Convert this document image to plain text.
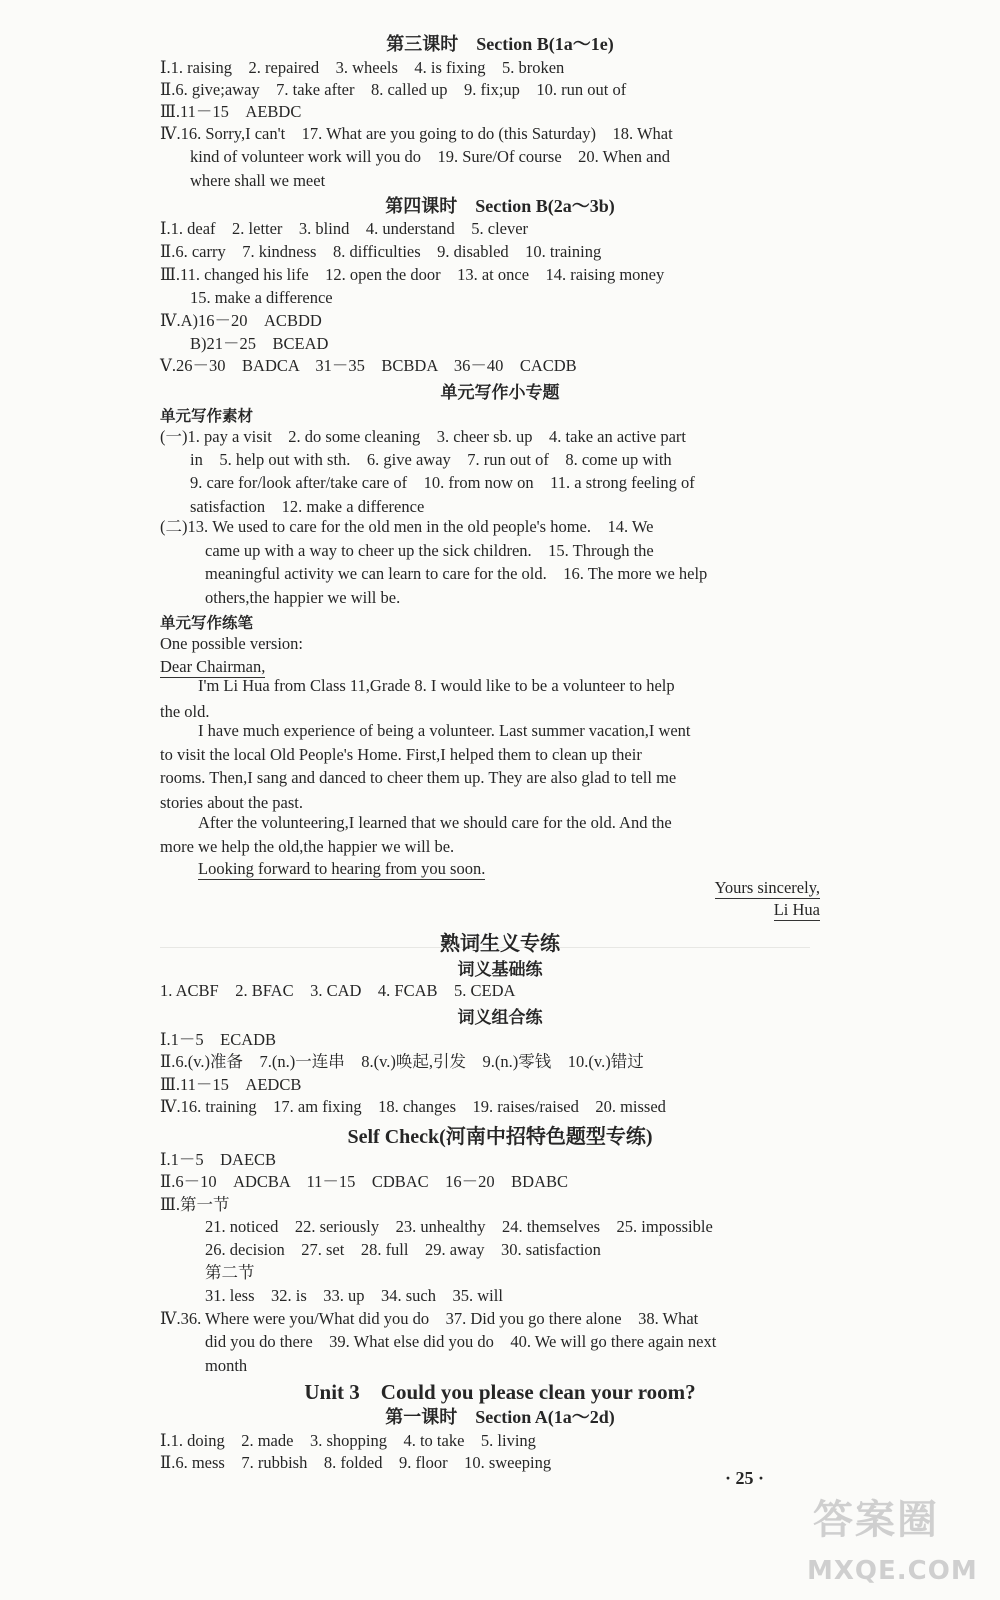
第三课时　Section B(1a～1e)
Ⅰ.1. raising　2. repaired　3. wheels　4. is fixing　5. broken
Ⅱ.6. give;away　7. take after　8. called up　9. fix;up　10. run out of
Ⅲ.11－15　AEBDC
Ⅳ.16. Sorry,I can't　17. What are you going to do (this Saturday)　18. What
kind of volunteer work will you do　19. Sure/Of course　20. When and
where shall we meet
第四课时　Section B(2a～3b)
Ⅰ.1. deaf　2. letter　3. blind　4. understand　5. clever
Ⅱ.6. carry　7. kindness　8. difficulties　9. disabled　10. training
Ⅲ.11. changed his life　12. open the door　13. at once　14. raising money
15. make a difference
Ⅳ.A)16－20　ACBDD
B)21－25　BCEAD
Ⅴ.26－30　BADCA　31－35　BCBDA　36－40　CACDB
单元写作小专题
单元写作素材
(一)1. pay a visit　2. do some cleaning　3. cheer sb. up　4. take an active part
in　5. help out with sth.　6. give away　7. run out of　8. come up with
9. care for/look after/take care of　10. from now on　11. a strong feeling of
satisfaction　12. make a difference
(二)13. We used to care for the old men in the old people's home.　14. We
came up with a way to cheer up the sick children.　15. Through the
meaningful activity we can learn to care for the old.　16. The more we help
others,the happier we will be.
单元写作练笔
One possible version:
Dear Chairman,
I'm Li Hua from Class 11,Grade 8. I would like to be a volunteer to help
the old.
I have much experience of being a volunteer. Last summer vacation,I went
to visit the local Old People's Home. First,I helped them to clean up their
rooms. Then,I sang and danced to cheer them up. They are also glad to tell me
stories about the past.
After the volunteering,I learned that we should care for the old. And the
more we help the old,the happier we will be.
Looking forward to hearing from you soon.
Yours sincerely,
Li Hua
熟词生义专练
词义基础练
1. ACBF　2. BFAC　3. CAD　4. FCAB　5. CEDA
词义组合练
Ⅰ.1－5　ECADB
Ⅱ.6.(v.)准备　7.(n.)一连串　8.(v.)唤起,引发　9.(n.)零钱　10.(v.)错过
Ⅲ.11－15　AEDCB
Ⅳ.16. training　17. am fixing　18. changes　19. raises/raised　20. missed
Self Check(河南中招特色题型专练)
Ⅰ.1－5　DAECB
Ⅱ.6－10　ADCBA　11－15　CDBAC　16－20　BDABC
Ⅲ.第一节
21. noticed　22. seriously　23. unhealthy　24. themselves　25. impossible
26. decision　27. set　28. full　29. away　30. satisfaction
第二节
31. less　32. is　33. up　34. such　35. will
Ⅳ.36. Where were you/What did you do　37. Did you go there alone　38. What
did you do there　39. What else did you do　40. We will go there again next
month
Unit 3　Could you please clean your room?
第一课时　Section A(1a～2d)
Ⅰ.1. doing　2. made　3. shopping　4. to take　5. living
Ⅱ.6. mess　7. rubbish　8. folded　9. floor　10. sweeping
· 25 ·
答案圈
MXQE.COM
